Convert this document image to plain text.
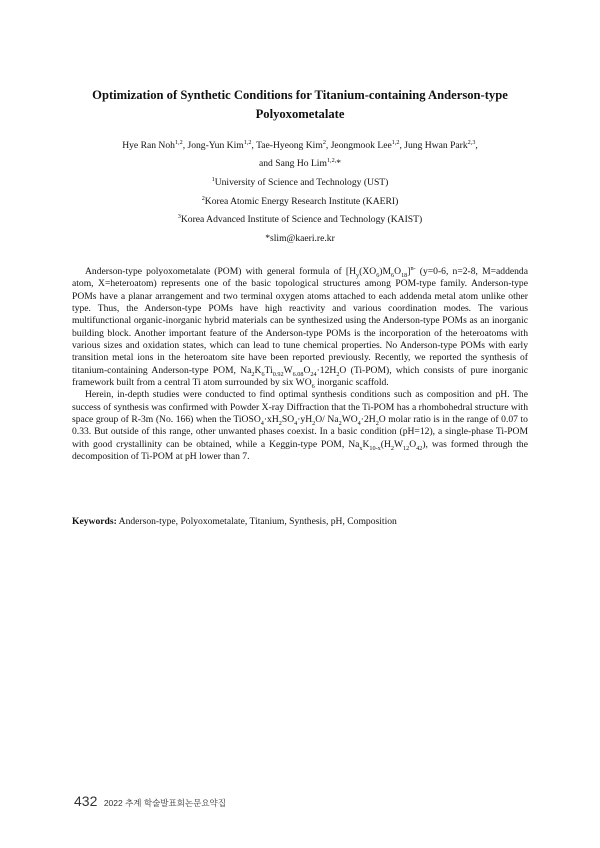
Optimization of Synthetic Conditions for Titanium-containing Anderson-type
Polyoxometalate
Hye Ran Noh$^{1,2}$, Jong-Yun Kim$^{1,2}$, Tae-Hyeong Kim$^2$, Jeongmook Lee$^{1,2}$, Jung Hwan Park$^{2,3}$,
and Sang Ho Lim$^{1,2,}$*
$^1$University of Science and Technology (UST)
$^2$Korea Atomic Energy Research Institute (KAERI)
$^3$Korea Advanced Institute of Science and Technology (KAIST)
*slim@kaeri.re.kr

Anderson-type polyoxometalate (POM) with general formula of $[H_y(XO_6)M_6O_{18}]^{n-}$ (y=0-6, n=2-8, M=addenda atom, X=heteroatom) represents one of the basic topological structures among POM-type family. Anderson-type POMs have a planar arrangement and two terminal oxygen atoms attached to each addenda metal atom unlike other type. Thus, the Anderson-type POMs have high reactivity and various coordination modes. The various multifunctional organic-inorganic hybrid materials can be synthesized using the Anderson-type POMs as an inorganic building block. Another important feature of the Anderson-type POMs is the incorporation of the heteroatoms with various sizes and oxidation states, which can lead to tune chemical properties. No Anderson-type POMs with early transition metal ions in the heteroatom site have been reported previously. Recently, we reported the synthesis of titanium-containing Anderson-type POM, $Na_2K_6Ti_{0.92}W_{6.08}O_{24}\cdot 12H_2O$ (Ti-POM), which consists of pure inorganic framework built from a central Ti atom surrounded by six $WO_6$ inorganic scaffold.

Herein, in-depth studies were conducted to find optimal synthesis conditions such as composition and pH. The success of synthesis was confirmed with Powder X-ray Diffraction that the Ti-POM has a rhombohedral structure with space group of R-3m (No. 166) when the $TiOSO_4\cdot xH_2SO_4\cdot yH_2O/$ $Na_2WO_4\cdot 2H_2O$ molar ratio is in the range of 0.07 to 0.33. But outside of this range, other unwanted phases coexist. In a basic condition (pH=12), a single-phase Ti-POM with good crystallinity can be obtained, while a Keggin-type POM, $Na_xK_{10-x}(H_2W_{12}O_{42})$, was formed through the decomposition of Ti-POM at pH lower than 7.

Keywords: Anderson-type, Polyoxometalate, Titanium, Synthesis, pH, Composition
432 2022 추계 학술발표회논문요약집
